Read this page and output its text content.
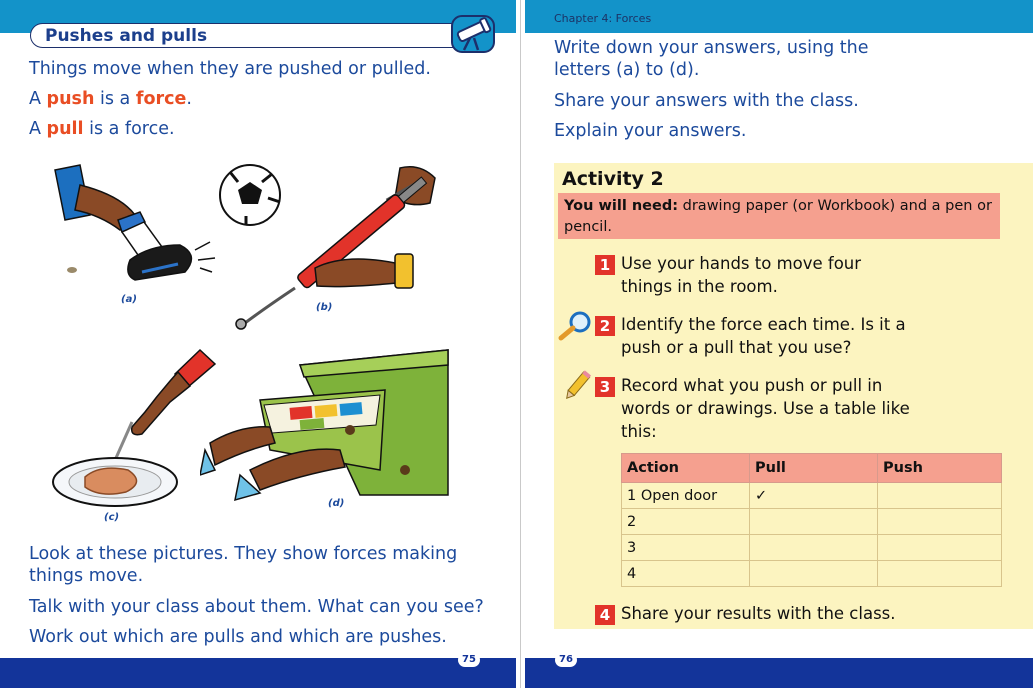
Pushes and pulls

Things move when they are pushed or pulled.

A push is a force.

A pull is a force.

(a)
(b)
(c)
(d)

Look at these pictures. They show forces making things move.

Talk with your class about them. What can you see?

Work out which are pulls and which are pushes.

75
Chapter 4: Forces

Write down your answers, using the letters (a) to (d).

Share your answers with the class.

Explain your answers.

Activity 2
You will need: drawing paper (or Workbook) and a pen or pencil.
1 Use your hands to move four things in the room.
2 Identify the force each time. Is it a push or a pull that you use?
3 Record what you push or pull in words or drawings. Use a table like this:
Action	Pull	Push
1 Open door	✓	
2		
3		
4		
4 Share your results with the class.
76
